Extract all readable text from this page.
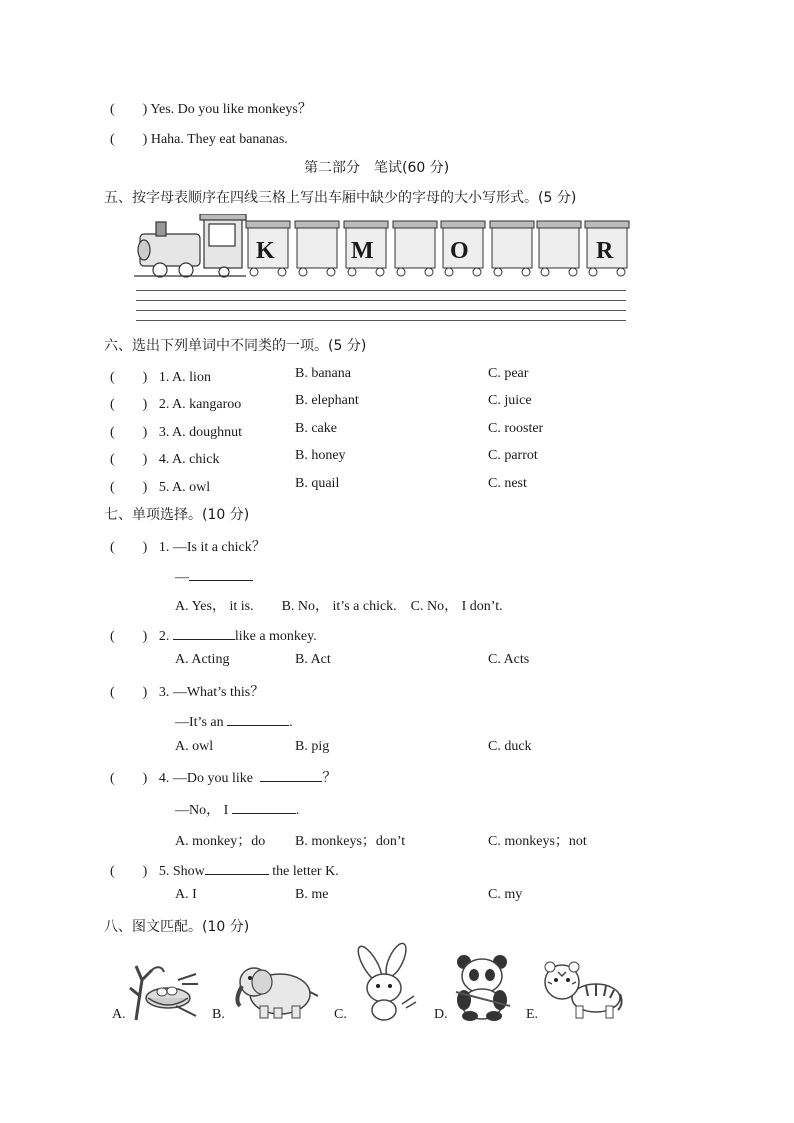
(　　) Yes. Do you like monkeys？
(　　) Haha. They eat bananas.
第二部分　笔试(60 分)
五、按字母表顺序在四线三格上写出车厢中缺少的字母的大小写形式。(5 分)
K	M	O	R
六、选出下列单词中不同类的一项。(5 分)
(　　) 1. A. lion	B. banana	C. pear
(　　) 2. A. kangaroo	B. elephant	C. juice
(　　) 3. A. doughnut	B. cake	C. rooster
(　　) 4. A. chick	B. honey	C. parrot
(　　) 5. A. owl	B. quail	C. nest
七、单项选择。(10 分)
(　　) 1. —Is it a chick？
—
A. Yes， it is.　　B. No， it’s a chick.　C. No， I don’t.
(　　) 2.	like a monkey.
A. Acting	B. Act	C. Acts
(　　) 3. —What’s this？
—It’s an	.
A. owl	B. pig	C. duck
(　　) 4. —Do you like	？
—No， I	.
A. monkey；do B. monkeys；don’t	C. monkeys；not
(　　) 5. Show	the letter K.
A. I	B. me	C. my
八、图文匹配。(10 分)
A.	B.	C.	D.	E.
